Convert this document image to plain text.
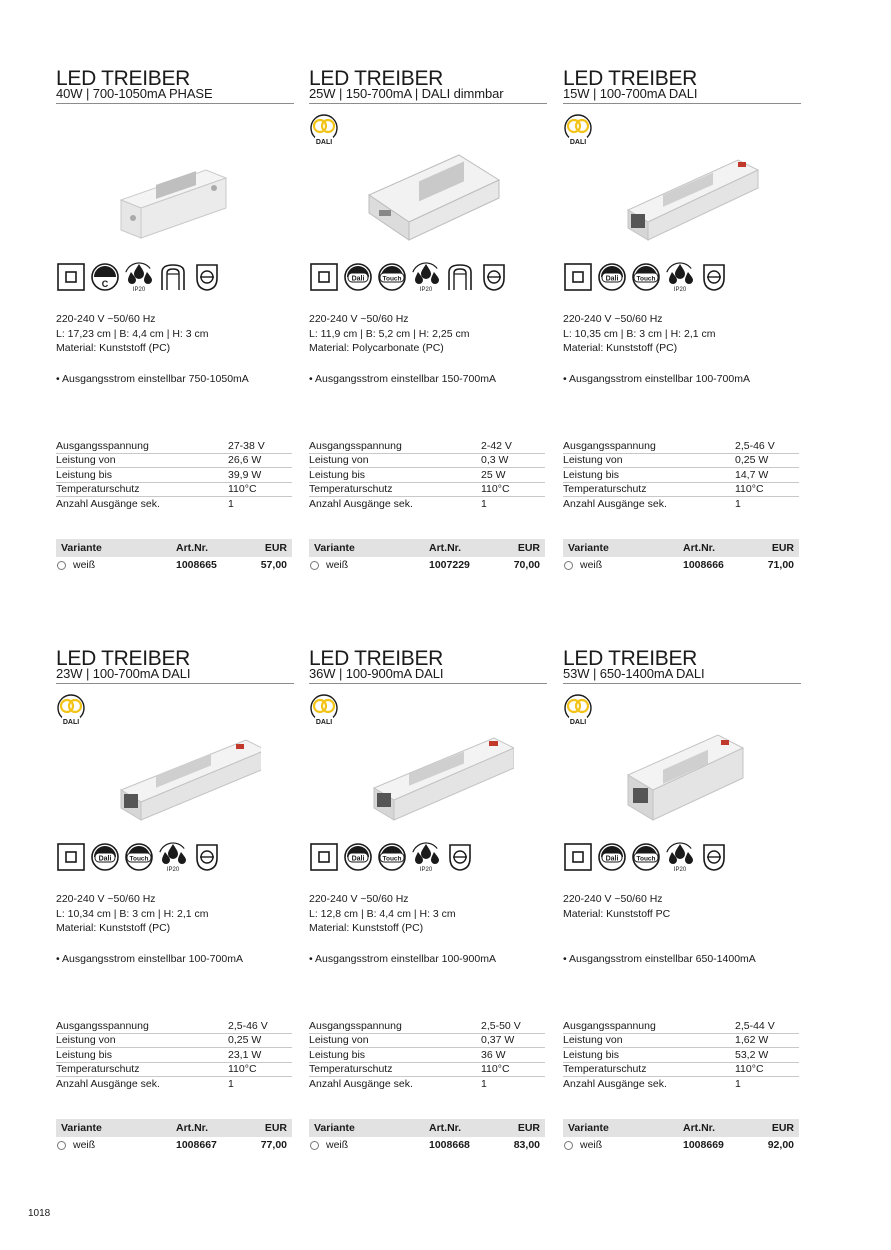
LED TREIBER
40W | 700-1050mA PHASE
C
IP20
220-240 V ~50/60 Hz
L: 17,23 cm | B: 4,4 cm | H: 3 cm
Material: Kunststoff (PC)
• Ausgangsstrom einstellbar 750-1050mA
Ausgangsspannung	27-38 V
Leistung von	26,6 W
Leistung bis	39,9 W
Temperaturschutz	110°C
Anzahl Ausgänge sek.	1
Variante	Art.Nr.	EUR
weiß	1008665	57,00
LED TREIBER
25W | 150-700mA | DALI dimmbar
DALI
Dali	Touch
IP20
220-240 V ~50/60 Hz
L: 11,9 cm | B: 5,2 cm | H: 2,25 cm
Material: Polycarbonate (PC)
• Ausgangsstrom einstellbar 150-700mA
Ausgangsspannung	2-42 V
Leistung von	0,3 W
Leistung bis	25 W
Temperaturschutz	110°C
Anzahl Ausgänge sek.	1
Variante	Art.Nr.	EUR
weiß	1007229	70,00
LED TREIBER
15W | 100-700mA DALI
DALI
Dali	Touch
IP20
220-240 V ~50/60 Hz
L: 10,35 cm | B: 3 cm | H: 2,1 cm
Material: Kunststoff (PC)
• Ausgangsstrom einstellbar 100-700mA
Ausgangsspannung	2,5-46 V
Leistung von	0,25 W
Leistung bis	14,7 W
Temperaturschutz	110°C
Anzahl Ausgänge sek.	1
Variante	Art.Nr.	EUR
weiß	1008666	71,00
LED TREIBER
23W | 100-700mA DALI
DALI
Dali	Touch
IP20
220-240 V ~50/60 Hz
L: 10,34 cm | B: 3 cm | H: 2,1 cm
Material: Kunststoff (PC)
• Ausgangsstrom einstellbar 100-700mA
Ausgangsspannung	2,5-46 V
Leistung von	0,25 W
Leistung bis	23,1 W
Temperaturschutz	110°C
Anzahl Ausgänge sek.	1
Variante	Art.Nr.	EUR
weiß	1008667	77,00
LED TREIBER
36W | 100-900mA DALI
DALI
Dali	Touch
IP20
220-240 V ~50/60 Hz
L: 12,8 cm | B: 4,4 cm | H: 3 cm
Material: Kunststoff (PC)
• Ausgangsstrom einstellbar 100-900mA
Ausgangsspannung	2,5-50 V
Leistung von	0,37 W
Leistung bis	36 W
Temperaturschutz	110°C
Anzahl Ausgänge sek.	1
Variante	Art.Nr.	EUR
weiß	1008668	83,00
LED TREIBER
53W | 650-1400mA DALI
DALI
Dali	Touch
IP20
220-240 V ~50/60 Hz
Material: Kunststoff PC
• Ausgangsstrom einstellbar 650-1400mA
Ausgangsspannung	2,5-44 V
Leistung von	1,62 W
Leistung bis	53,2 W
Temperaturschutz	110°C
Anzahl Ausgänge sek.	1
Variante	Art.Nr.	EUR
weiß	1008669	92,00
1018
